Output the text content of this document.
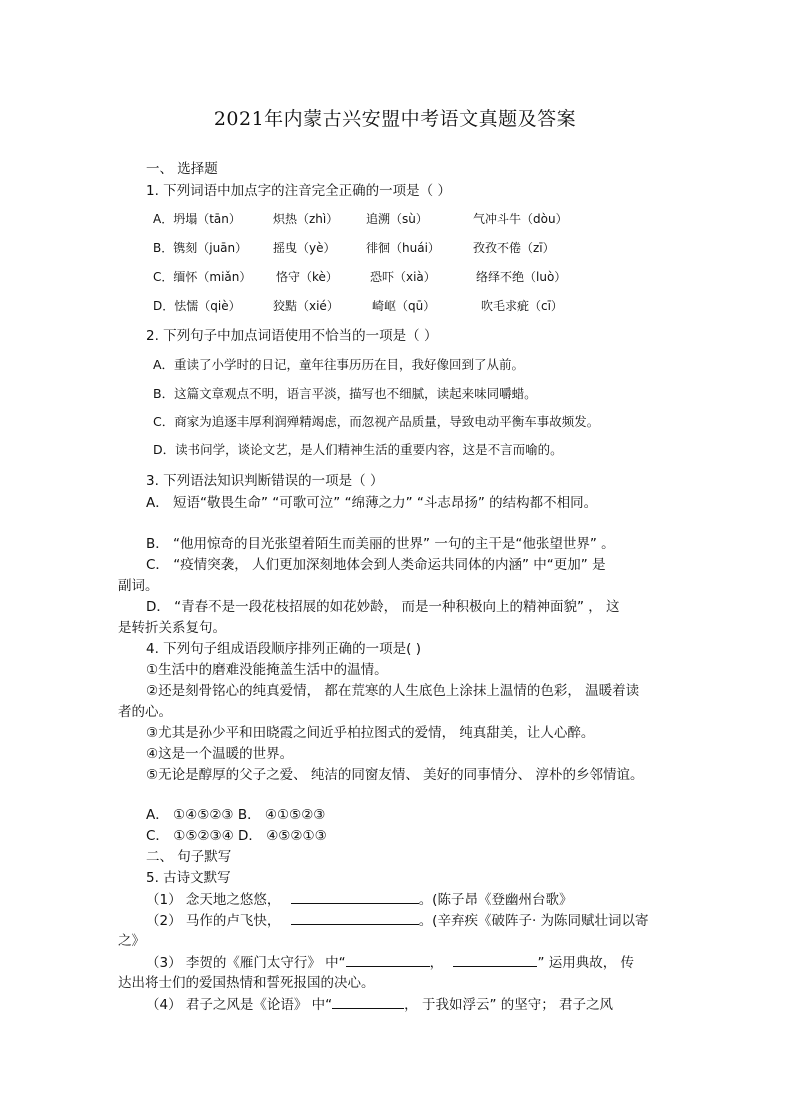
2021年内蒙古兴安盟中考语文真题及答案
一、 选择题
1. 下列词语中加点字的注音完全正确的一项是（ ）
A．坍塌（tān）	炽热（zhì） 追溯（sù）	气冲斗牛（dòu）
B．镌刻（juān） 摇曳（yè）	徘徊（huái）	孜孜不倦（zī）
C．缅怀（miǎn） 恪守（kè）	恐吓（xià）	络绎不绝（luò）
D．怯懦（qiè）	狡黠（xié）	崎岖（qū）	吹毛求疵（cī）
2. 下列句子中加点词语使用不恰当的一项是（ ）
A．重读了小学时的日记，童年往事历历在目，我好像回到了从前。
B．这篇文章观点不明，语言平淡，描写也不细腻，读起来味同嚼蜡。
C．商家为追逐丰厚利润殚精竭虑，而忽视产品质量，导致电动平衡车事故频发。
D．读书问学，谈论文艺，是人们精神生活的重要内容，这是不言而喻的。
3. 下列语法知识判断错误的一项是（ ）
A． 短语“敬畏生命” “可歌可泣” “绵薄之力” “斗志昂扬” 的结构都不相同。
B． “他用惊奇的目光张望着陌生而美丽的世界” 一句的主干是“他张望世界” 。
C． “疫情突袭， 人们更加深刻地体会到人类命运共同体的内涵” 中“更加” 是
副词。
D． “青春不是一段花枝招展的如花妙龄， 而是一种积极向上的精神面貌” ， 这
是转折关系复句。
4. 下列句子组成语段顺序排列正确的一项是( )
①生活中的磨难没能掩盖生活中的温情。
②还是刻骨铭心的纯真爱情， 都在荒寒的人生底色上涂抹上温情的色彩， 温暖着读
者的心。
③尤其是孙少平和田晓霞之间近乎柏拉图式的爱情， 纯真甜美，让人心醉。
④这是一个温暖的世界。
⑤无论是醇厚的父子之爱、 纯洁的同窗友情、 美好的同事情分、 淳朴的乡邻情谊。
A． ①④⑤②③ B． ④①⑤②③
C． ①⑤②③④ D． ④⑤②①③
二、 句子默写
5. 古诗文默写
（1） 念天地之悠悠，	。(陈子昂《登幽州台歌》
（2） 马作的卢飞快，	。(辛弃疾《破阵子· 为陈同赋壮词以寄
之》
（3） 李贺的《雁门太守行》 中“	，	” 运用典故， 传
达出将士们的爱国热情和誓死报国的决心。
（4） 君子之风是《论语》 中“	， 于我如浮云” 的坚守； 君子之风
